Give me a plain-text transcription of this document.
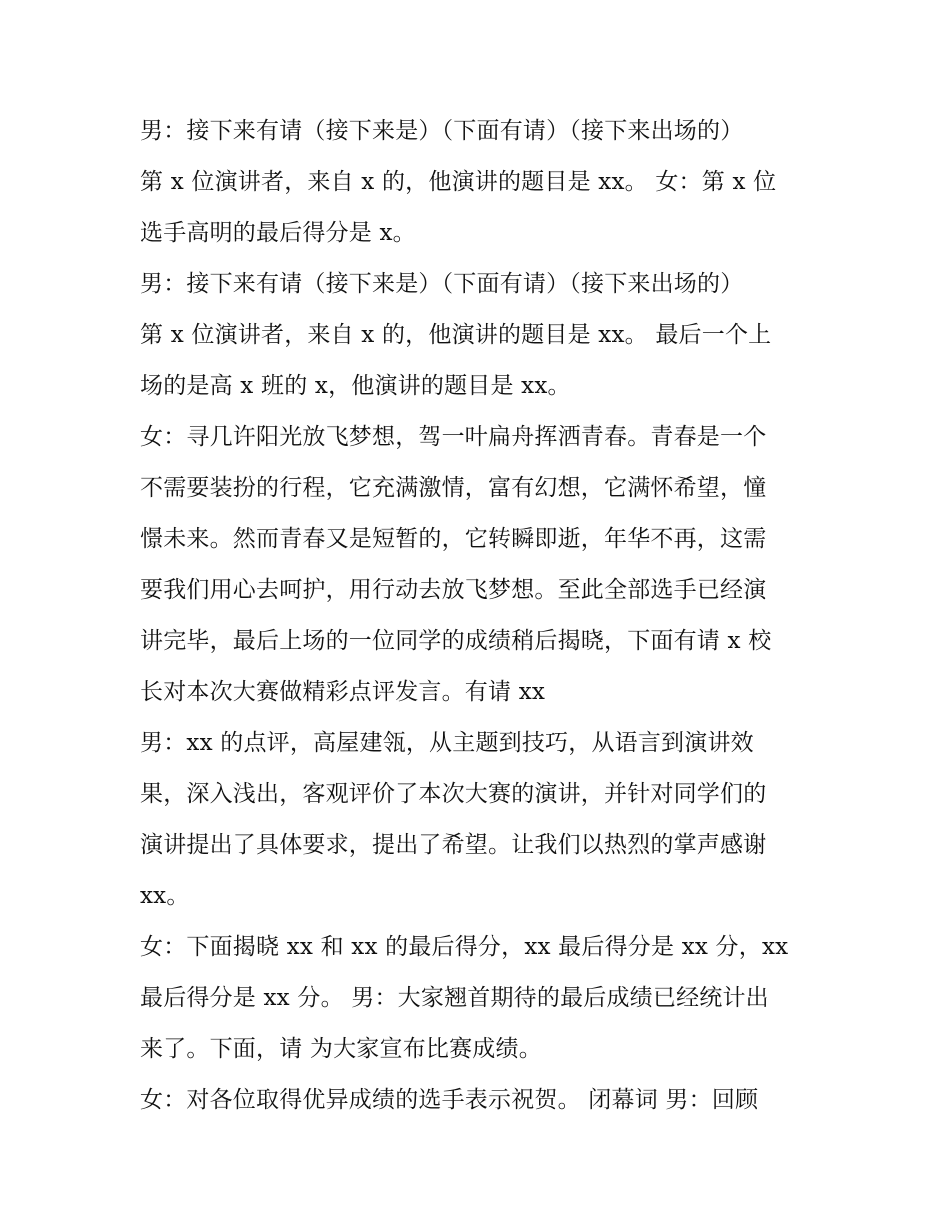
男：接下来有请（接下来是）（下面有请）（接下来出场的）
第 x 位演讲者，来自 x 的，他演讲的题目是 xx。 女：第 x 位
选手高明的最后得分是 x。
男：接下来有请（接下来是）（下面有请）（接下来出场的）
第 x 位演讲者，来自 x 的，他演讲的题目是 xx。 最后一个上
场的是高 x 班的 x，他演讲的题目是 xx。
女：寻几许阳光放飞梦想，驾一叶扁舟挥洒青春。青春是一个
不需要装扮的行程，它充满激情，富有幻想，它满怀希望，憧
憬未来。然而青春又是短暂的，它转瞬即逝，年华不再，这需
要我们用心去呵护，用行动去放飞梦想。至此全部选手已经演
讲完毕，最后上场的一位同学的成绩稍后揭晓，下面有请 x 校
长对本次大赛做精彩点评发言。有请 xx
男：xx 的点评，高屋建瓴，从主题到技巧，从语言到演讲效
果，深入浅出，客观评价了本次大赛的演讲，并针对同学们的
演讲提出了具体要求，提出了希望。让我们以热烈的掌声感谢
xx。
女：下面揭晓 xx 和 xx 的最后得分，xx 最后得分是 xx 分，xx
最后得分是 xx 分。 男：大家翘首期待的最后成绩已经统计出
来了。下面，请 为大家宣布比赛成绩。
女：对各位取得优异成绩的选手表示祝贺。 闭幕词 男：回顾
